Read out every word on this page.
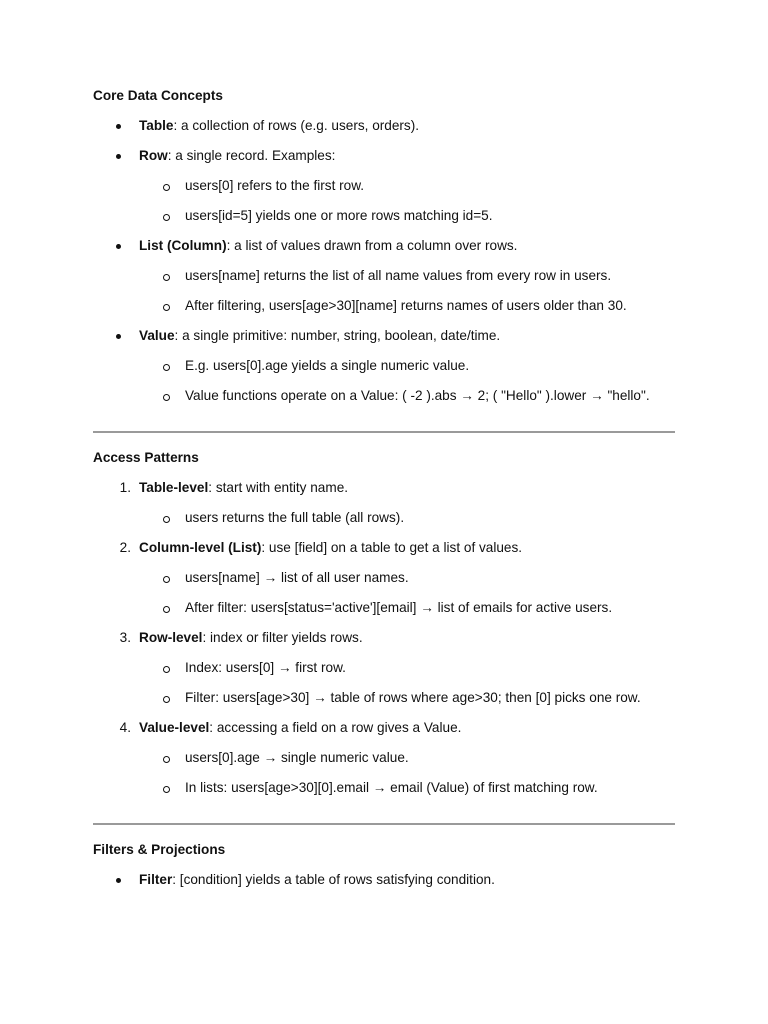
Core Data Concepts
Table: a collection of rows (e.g. users, orders).
Row: a single record. Examples:
users[0] refers to the first row.
users[id=5] yields one or more rows matching id=5.
List (Column): a list of values drawn from a column over rows.
users[name] returns the list of all name values from every row in users.
After filtering, users[age>30][name] returns names of users older than 30.
Value: a single primitive: number, string, boolean, date/time.
E.g. users[0].age yields a single numeric value.
Value functions operate on a Value: ( -2 ).abs → 2; ( "Hello" ).lower → "hello".
Access Patterns
1. Table-level: start with entity name.
users returns the full table (all rows).
2. Column-level (List): use [field] on a table to get a list of values.
users[name] → list of all user names.
After filter: users[status='active'][email] → list of emails for active users.
3. Row-level: index or filter yields rows.
Index: users[0] → first row.
Filter: users[age>30] → table of rows where age>30; then [0] picks one row.
4. Value-level: accessing a field on a row gives a Value.
users[0].age → single numeric value.
In lists: users[age>30][0].email → email (Value) of first matching row.
Filters & Projections
Filter: [condition] yields a table of rows satisfying condition.
